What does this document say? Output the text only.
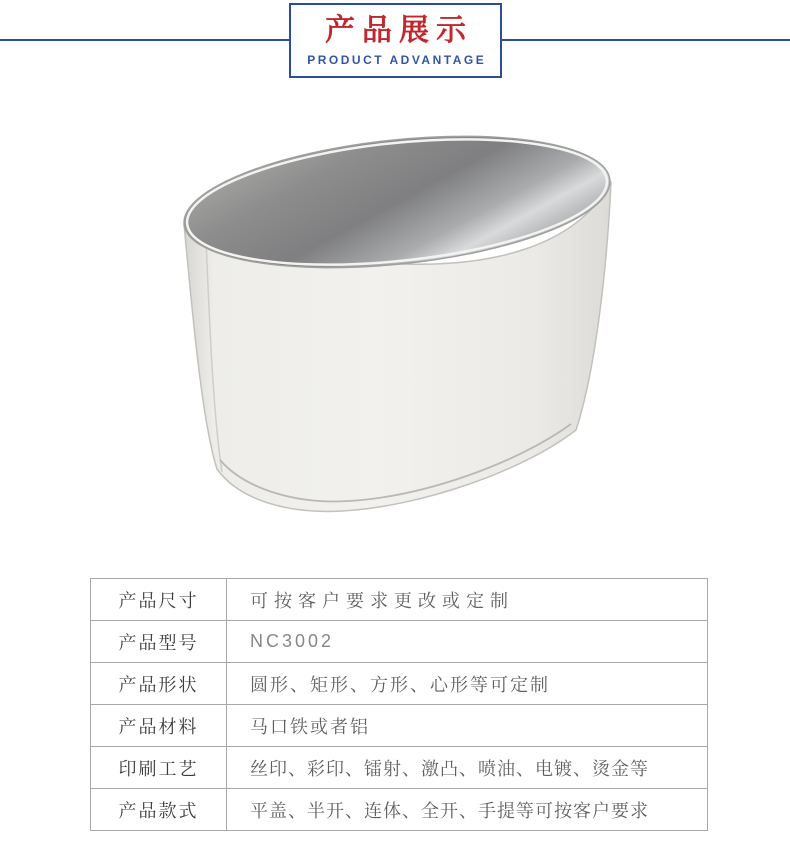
产品展示
PRODUCT ADVANTAGE
产品尺寸	可按客户要求更改或定制
产品型号	NC3002
产品形状	圆形、矩形、方形、心形等可定制
产品材料	马口铁或者铝
印刷工艺	丝印、彩印、镭射、激凸、喷油、电镀、烫金等
产品款式	平盖、半开、连体、全开、手提等可按客户要求
